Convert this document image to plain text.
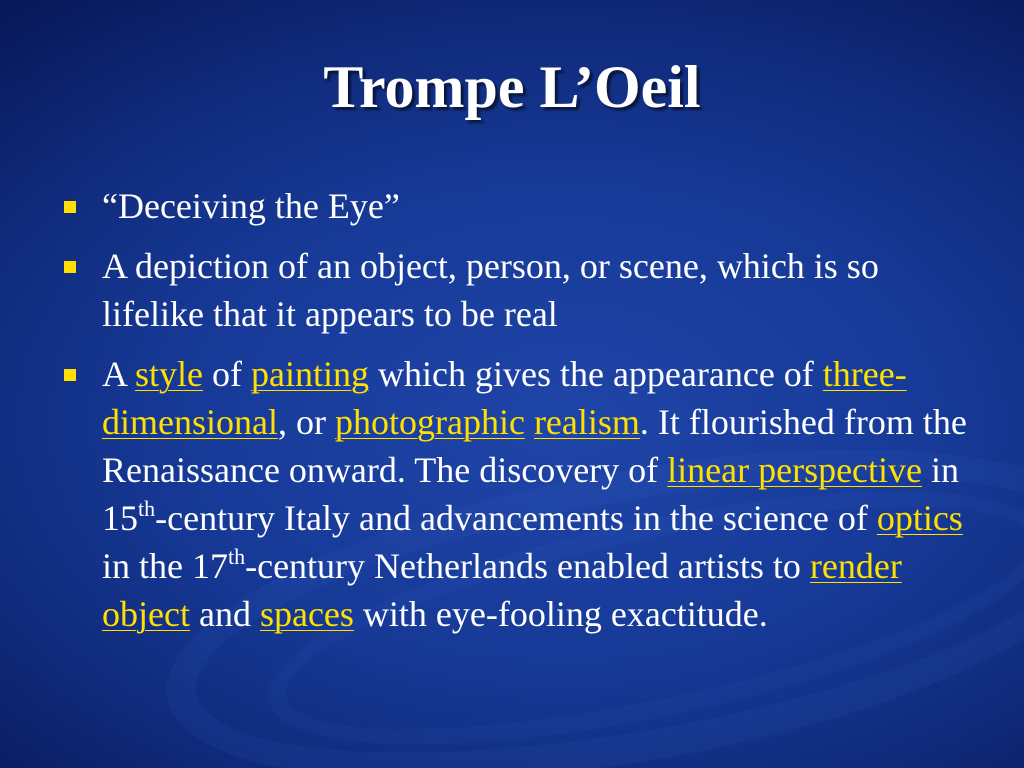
Trompe L’Oeil
“Deceiving the Eye”
A depiction of an object, person, or scene, which is so lifelike that it appears to be real
A style of painting which gives the appearance of three-dimensional, or photographic realism. It flourished from the Renaissance onward. The discovery of linear perspective in 15th-century Italy and advancements in the science of optics in the 17th-century Netherlands enabled artists to render object and spaces with eye-fooling exactitude.
